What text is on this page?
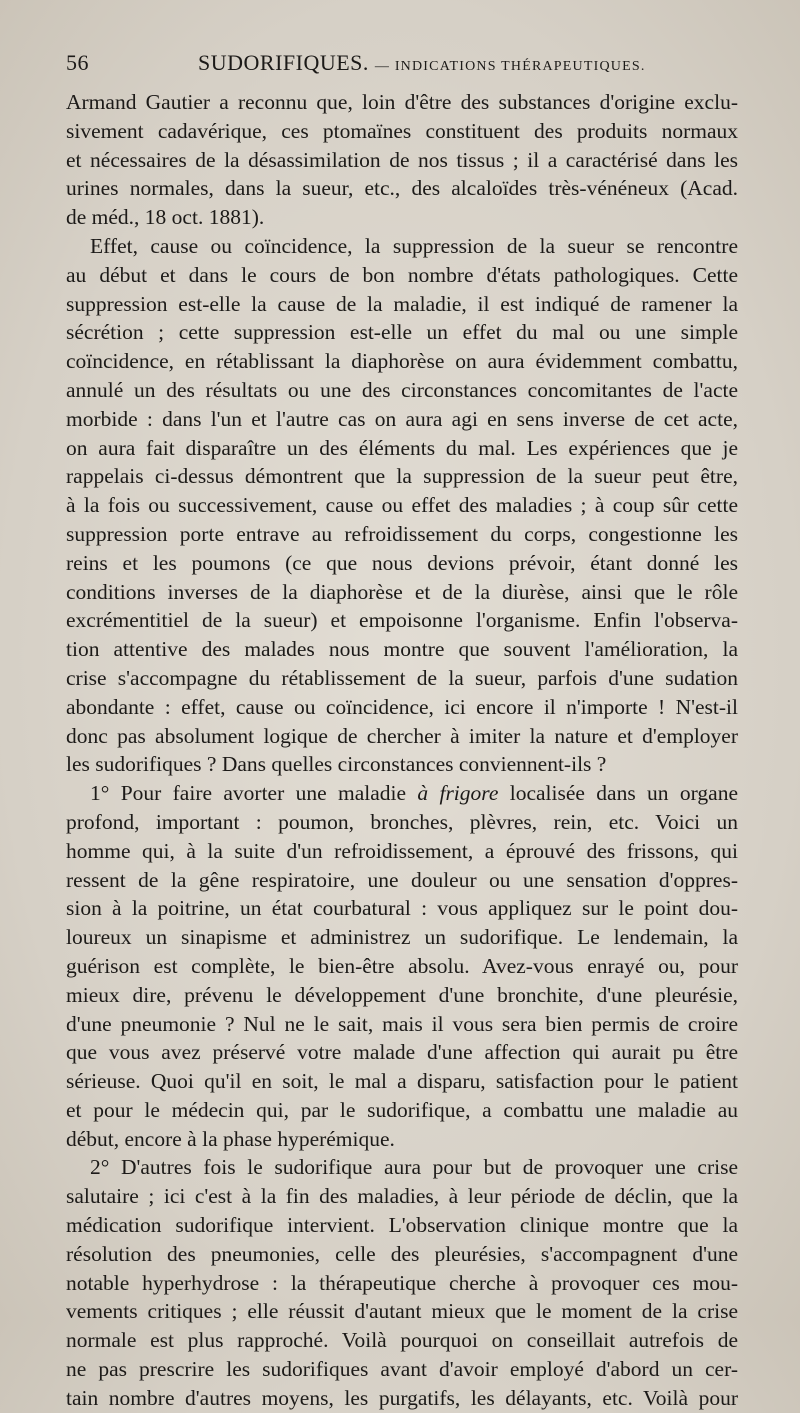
56	SUDORIFIQUES. — INDICATIONS THÉRAPEUTIQUES.
Armand Gautier a reconnu que, loin d'être des substances d'origine exclu-
sivement cadavérique, ces ptomaïnes constituent des produits normaux
et nécessaires de la désassimilation de nos tissus ; il a caractérisé dans les
urines normales, dans la sueur, etc., des alcaloïdes très-vénéneux (Acad.
de méd., 18 oct. 1881).
Effet, cause ou coïncidence, la suppression de la sueur se rencontre
au début et dans le cours de bon nombre d'états pathologiques. Cette
suppression est-elle la cause de la maladie, il est indiqué de ramener la
sécrétion ; cette suppression est-elle un effet du mal ou une simple
coïncidence, en rétablissant la diaphorèse on aura évidemment combattu,
annulé un des résultats ou une des circonstances concomitantes de l'acte
morbide : dans l'un et l'autre cas on aura agi en sens inverse de cet acte,
on aura fait disparaître un des éléments du mal. Les expériences que je
rappelais ci-dessus démontrent que la suppression de la sueur peut être,
à la fois ou successivement, cause ou effet des maladies ; à coup sûr cette
suppression porte entrave au refroidissement du corps, congestionne les
reins et les poumons (ce que nous devions prévoir, étant donné les
conditions inverses de la diaphorèse et de la diurèse, ainsi que le rôle
excrémentitiel de la sueur) et empoisonne l'organisme. Enfin l'observa-
tion attentive des malades nous montre que souvent l'amélioration, la
crise s'accompagne du rétablissement de la sueur, parfois d'une sudation
abondante : effet, cause ou coïncidence, ici encore il n'importe ! N'est-il
donc pas absolument logique de chercher à imiter la nature et d'employer
les sudorifiques ? Dans quelles circonstances conviennent-ils ?
1° Pour faire avorter une maladie à frigore localisée dans un organe
profond, important : poumon, bronches, plèvres, rein, etc. Voici un
homme qui, à la suite d'un refroidissement, a éprouvé des frissons, qui
ressent de la gêne respiratoire, une douleur ou une sensation d'oppres-
sion à la poitrine, un état courbatural : vous appliquez sur le point dou-
loureux un sinapisme et administrez un sudorifique. Le lendemain, la
guérison est complète, le bien-être absolu. Avez-vous enrayé ou, pour
mieux dire, prévenu le développement d'une bronchite, d'une pleurésie,
d'une pneumonie ? Nul ne le sait, mais il vous sera bien permis de croire
que vous avez préservé votre malade d'une affection qui aurait pu être
sérieuse. Quoi qu'il en soit, le mal a disparu, satisfaction pour le patient
et pour le médecin qui, par le sudorifique, a combattu une maladie au
début, encore à la phase hyperémique.
2° D'autres fois le sudorifique aura pour but de provoquer une crise
salutaire ; ici c'est à la fin des maladies, à leur période de déclin, que la
médication sudorifique intervient. L'observation clinique montre que la
résolution des pneumonies, celle des pleurésies, s'accompagnent d'une
notable hyperhydrose : la thérapeutique cherche à provoquer ces mou-
vements critiques ; elle réussit d'autant mieux que le moment de la crise
normale est plus rapproché. Voilà pourquoi on conseillait autrefois de
ne pas prescrire les sudorifiques avant d'avoir employé d'abord un cer-
tain nombre d'autres moyens, les purgatifs, les délayants, etc. Voilà pour
